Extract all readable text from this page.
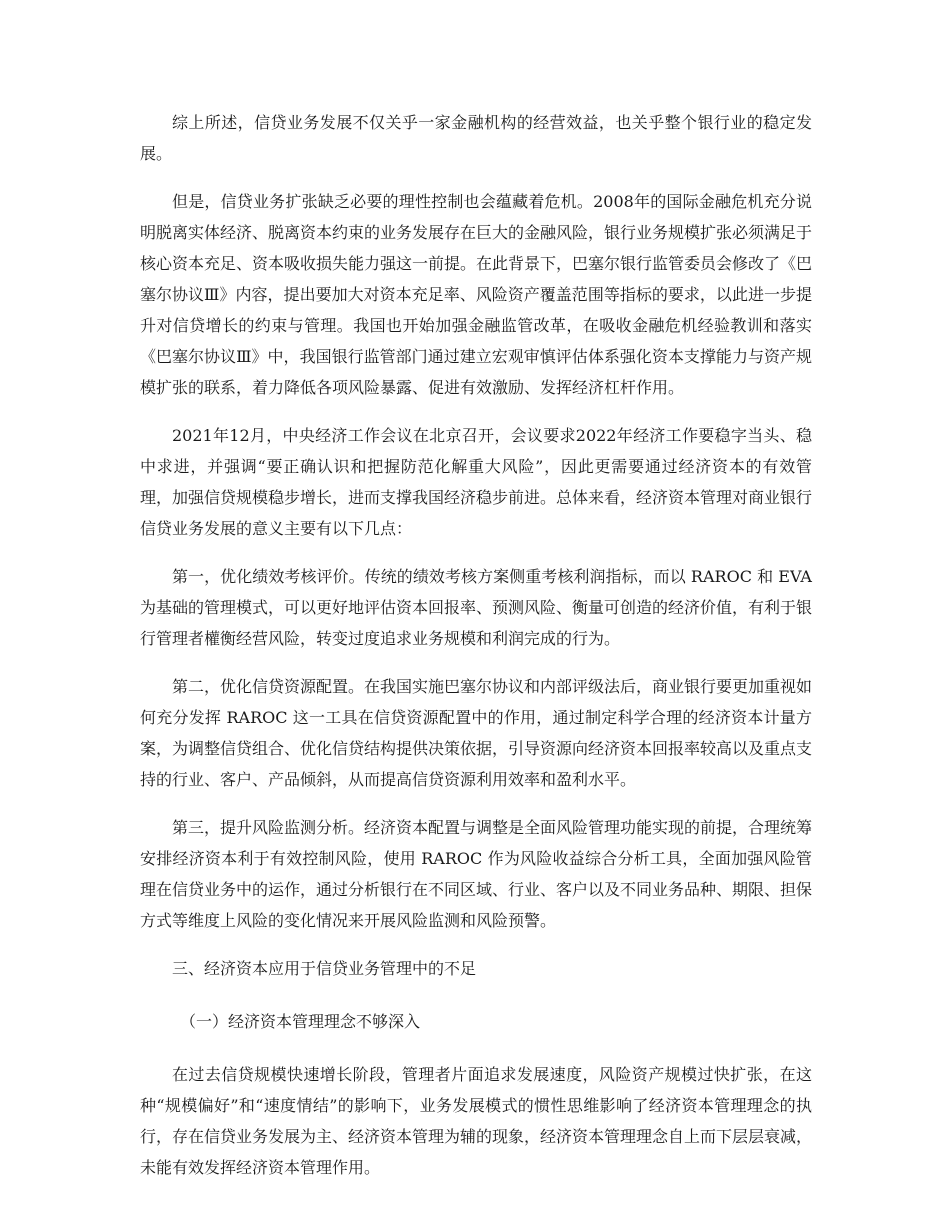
综上所述，信贷业务发展不仅关乎一家金融机构的经营效益，也关乎整个银行业的稳定发展。

但是，信贷业务扩张缺乏必要的理性控制也会蕴藏着危机。2008年的国际金融危机充分说明脱离实体经济、脱离资本约束的业务发展存在巨大的金融风险，银行业务规模扩张必须满足于核心资本充足、资本吸收损失能力强这一前提。在此背景下，巴塞尔银行监管委员会修改了《巴塞尔协议Ⅲ》内容，提出要加大对资本充足率、风险资产覆盖范围等指标的要求，以此进一步提升对信贷增长的约束与管理。我国也开始加强金融监管改革，在吸收金融危机经验教训和落实《巴塞尔协议Ⅲ》中，我国银行监管部门通过建立宏观审慎评估体系强化资本支撑能力与资产规模扩张的联系，着力降低各项风险暴露、促进有效激励、发挥经济杠杆作用。

2021年12月，中央经济工作会议在北京召开，会议要求2022年经济工作要稳字当头、稳中求进，并强调“要正确认识和把握防范化解重大风险”，因此更需要通过经济资本的有效管理，加强信贷规模稳步增长，进而支撑我国经济稳步前进。总体来看，经济资本管理对商业银行信贷业务发展的意义主要有以下几点：

第一，优化绩效考核评价。传统的绩效考核方案侧重考核利润指标，而以 RAROC 和 EVA 为基础的管理模式，可以更好地评估资本回报率、预测风险、衡量可创造的经济价值，有利于银行管理者權衡经营风险，转变过度追求业务规模和利润完成的行为。

第二，优化信贷资源配置。在我国实施巴塞尔协议和内部评级法后，商业银行要更加重视如何充分发挥 RAROC 这一工具在信贷资源配置中的作用，通过制定科学合理的经济资本计量方案，为调整信贷组合、优化信贷结构提供决策依据，引导资源向经济资本回报率较高以及重点支持的行业、客户、产品倾斜，从而提高信贷资源利用效率和盈利水平。

第三，提升风险监测分析。经济资本配置与调整是全面风险管理功能实现的前提，合理统筹安排经济资本利于有效控制风险，使用 RAROC 作为风险收益综合分析工具，全面加强风险管理在信贷业务中的运作，通过分析银行在不同区域、行业、客户以及不同业务品种、期限、担保方式等维度上风险的变化情况来开展风险监测和风险预警。

三、经济资本应用于信贷业务管理中的不足

（一）经济资本管理理念不够深入

在过去信贷规模快速增长阶段，管理者片面追求发展速度，风险资产规模过快扩张，在这种“规模偏好”和“速度情结”的影响下，业务发展模式的惯性思维影响了经济资本管理理念的执行，存在信贷业务发展为主、经济资本管理为辅的现象，经济资本管理理念自上而下层层衰减，未能有效发挥经济资本管理作用。
